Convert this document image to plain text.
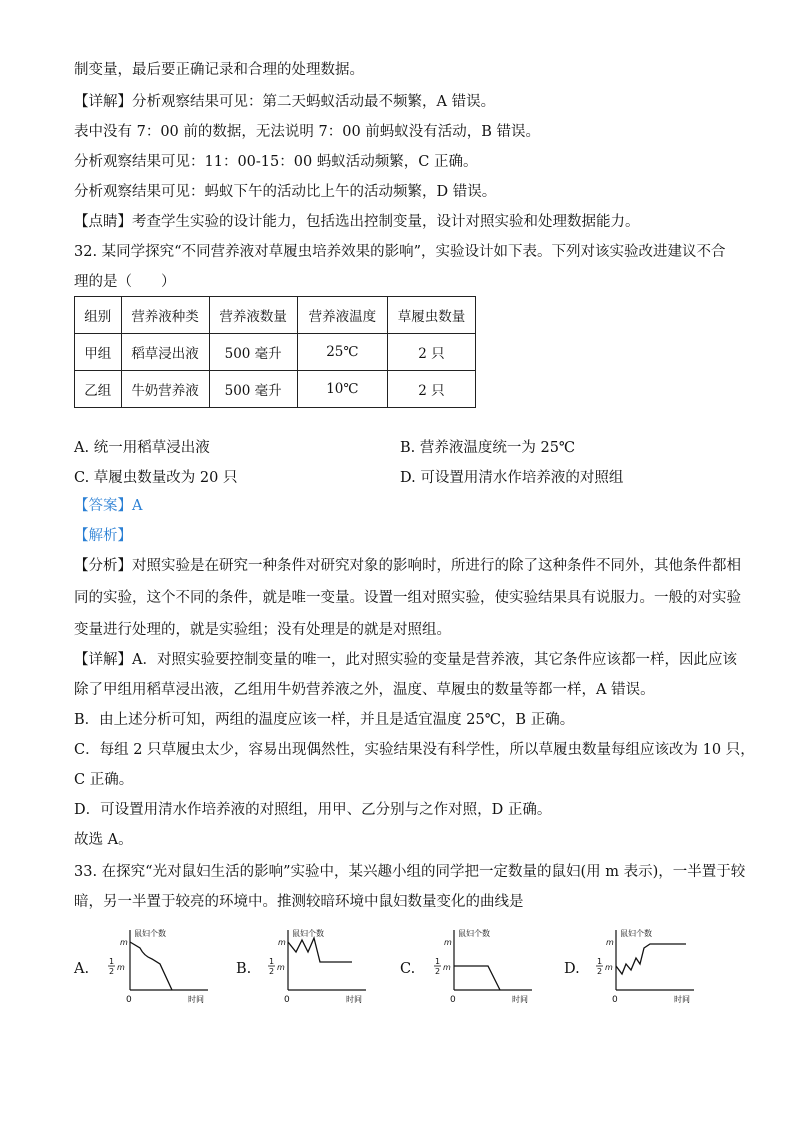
制变量，最后要正确记录和合理的处理数据。
【详解】分析观察结果可见：第二天蚂蚁活动最不频繁，A 错误。
表中没有 7：00 前的数据，无法说明 7：00 前蚂蚁没有活动，B 错误。
分析观察结果可见：11：00-15：00 蚂蚁活动频繁，C 正确。
分析观察结果可见：蚂蚁下午的活动比上午的活动频繁，D 错误。
【点睛】考查学生实验的设计能力，包括选出控制变量，设计对照实验和处理数据能力。
32. 某同学探究“不同营养液对草履虫培养效果的影响”，实验设计如下表。下列对该实验改进建议不合
理的是（　　）
组别	营养液种类	营养液数量	营养液温度	草履虫数量
甲组	稻草浸出液	500 毫升	25℃	2 只
乙组	牛奶营养液	500 毫升	10℃	2 只
A. 统一用稻草浸出液	B. 营养液温度统一为 25℃
C. 草履虫数量改为 20 只	D. 可设置用清水作培养液的对照组
【答案】A
【解析】
【分析】对照实验是在研究一种条件对研究对象的影响时，所进行的除了这种条件不同外，其他条件都相
同的实验，这个不同的条件，就是唯一变量。设置一组对照实验，使实验结果具有说服力。一般的对实验
变量进行处理的，就是实验组；没有处理是的就是对照组。
【详解】A．对照实验要控制变量的唯一，此对照实验的变量是营养液，其它条件应该都一样，因此应该
除了甲组用稻草浸出液，乙组用牛奶营养液之外，温度、草履虫的数量等都一样，A 错误。
B．由上述分析可知，两组的温度应该一样，并且是适宜温度 25℃，B 正确。
C．每组 2 只草履虫太少，容易出现偶然性，实验结果没有科学性，所以草履虫数量每组应该改为 10 只，
C 正确。
D．可设置用清水作培养液的对照组，用甲、乙分别与之作对照，D 正确。
故选 A。
33. 在探究“光对鼠妇生活的影响”实验中，某兴趣小组的同学把一定数量的鼠妇(用 m 表示)，一半置于较
暗，另一半置于较亮的环境中。推测较暗环境中鼠妇数量变化的曲线是
A.	B.	C.	D.
鼠妇个数
时间
0
m
1
2 m
鼠妇个数
时间
0
m
1
2 m
鼠妇个数
时间
0
m
1
2 m
鼠妇个数
时间
0
m
1
2 m
